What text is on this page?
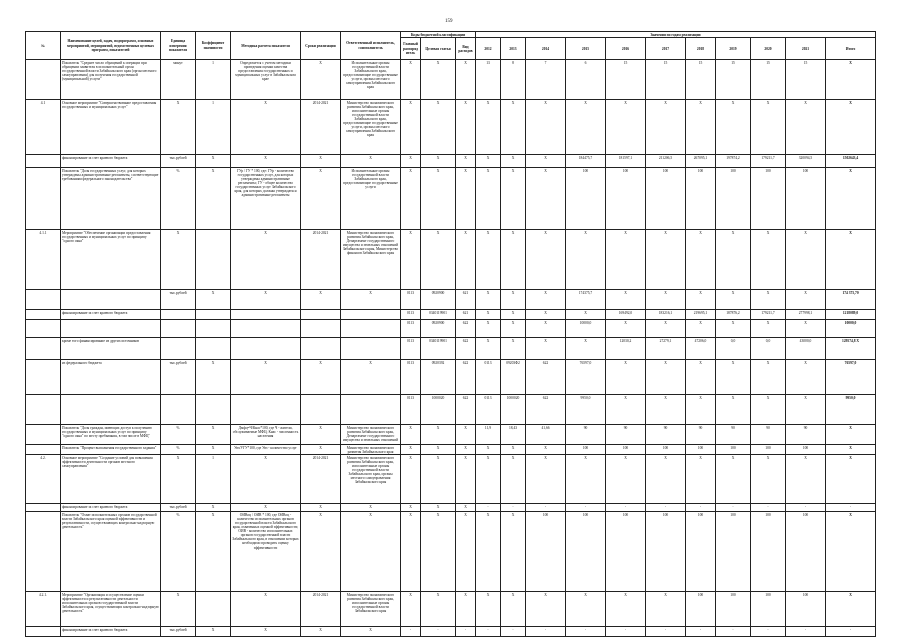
159
№	Наименование целей, задач, подпрограмм, основных мероприятий, мероприятий, ведомственных целевых программ, показателей	Единица измерения показателя	Коэффициент значимости	Методика расчета показателя	Сроки реализации	Ответственный исполнитель, соисполнитель	Коды бюджетной классификации			Значения по годам реализации										
							Главный распорядитель	Целевая статья	Вид расходов	2012	2013	2014	2015	2016	2017	2018	2019	2020	2021	Итого
	Показатель "Среднее число обращений к операции при обращении заявителя в исполнительный орган государственной власти Забайкальского края (орган местного самоуправления) для получения государственной (муниципальной) услуги"	минут	1	Определяется с учетом методики проведения оценки качества предоставления государственных и муниципальных услуг в Забайкальском крае	X	Исполнительные органы государственной власти Забайкальского края, предоставляющие государственные услуги, органы местного самоуправления Забайкальского края	X	X	X	13	8	7	6	15	15	15	15	15	15	X
4.1	Основное мероприятие "Совершенствование предоставления государственных и муниципальных услуг"	X	1	X	2014-2021	Министерство экономического развития Забайкальского края, исполнительные органы государственной власти Забайкальского края, предоставляющие государственные услуги, органы местного самоуправления Забайкальского края	X	X	X	X	X	X	X	X	X	X	X	X	X	X
	финансирование за счет краевого бюджета	тыс.рублей	X	X	X	X	X	X	X	X	X	X	184475,7	181597,1	211206,5	267095,1	197874,2	179211,7	320094,5	1502643,4
	Показатель "Доля государственных услуг, для которых утверждены административные регламенты, соответствующие требованиям федерального законодательства"	%	X	ГУр / ГУ * 100, где: ГУр - количество государственных услуг, для которых утверждены административные регламенты; ГУ - общее количество государственных услуг Забайкальского края, для которых должны утверждаться административные регламенты	X	Исполнительные органы государственной власти Забайкальского края, предоставляющие государственные услуги	X	X	X	X	X	X	100	100	100	100	100	100	100	X
4.1.1	Мероприятие "Обеспечение организации предоставления государственных и муниципальных услуг по принципу "одного окна"	X		X	2014-2021	Министерство экономического развития Забайкальского края, Департамент государственного имущества и земельных отношений Забайкальского края, Министерство финансов Забайкальского края	X	X	X	X	X	X	X	X	X	X	X	X	X	X
		тыс.рублей	X	X	X	X	0113	0920900	621	X	X	X	174375,7	X	X	X	X	X	X	174 375,70
	финансирование за счет краевого бюджета						0113	0340119901	621	X	X	X	X	169492,0	183216,1	219695,1	187876,2	179211,7	277998,1	1218089,0
							0113	0920900	622	X	X	X	10000,0	X	X	X	X	X	X	10000,0
	кроме того финансирование из других источников						0113	0340119901	622	X	X	X	X	12030,2	27279,1	47206,0	0,0	0,0	43000,0	129574,8 X
	из федерального бюджета	тыс.рублей	X	X	X	X	0113	0920392	622	0113	09203Ф2	622	76597,0	X	X	X	X	X	X	76597,0
							0113	1000020	622	0113	1000020	622	9950,0	X	X	X	X	X	X	9950,0
	Показатель "Доля граждан, имеющих доступ к получению государственных и муниципальных услуг по принципу "одного окна" по месту пребывания, в том числе в МФЦ"	%	X	Дмфц=Ч/Кнас*100, где Ч - жители, обслуживаемые МФЦ; Кнас - численность населения	X	Министерство экономического развития Забайкальского края, Департамент государственного имущества и земельных отношений	X	X	X	11,9	18,43	41,66	90	90	90	90	90	90	90	X
	Показатель "Процент выполнения государственного задания"	%	X	Увз/УГУ*100, где Увз - количество услуг	X	Министерство экономического развития Забайкальского края	X	X	X	X	X	X	100	100	100	100	100	100	100	X
4.2.	Основное мероприятие "Создание условий для повышения эффективности деятельности органов местного самоуправления"	X	1	X	2014-2021	Министерство экономического развития Забайкальского края, исполнительные органы государственной власти Забайкальского края, органы местного самоуправления Забайкальского края	X	X	X	X	X	X	X	X	X	X	X	X	X	X
	финансирование за счет краевого бюджета	тыс.рублей	X	X	X	X	X	X	X	-	-	-	-	-	-	-	-	-	-	-
	Показатель "Охват исполнительных органов государственной власти Забайкальского края оценкой эффективности и результативности, осуществляющих контрольно-надзорную деятельность"	%	X	ОИВоц / ОИВ * 100, где ОИВоц - количество исполнительных органов государственной власти Забайкальского края, охваченных оценкой эффективности; ОИВ - количество исполнительных органов государственной власти Забайкальского края, в отношении которых необходимо проводить оценку эффективности	X	X	X	X	X	X	X	100	100	100	100	100	100	100	100	X
4.2.1.	Мероприятие "Организация и осуществление оценки эффективности и результативности деятельности исполнительных органов государственной власти Забайкальского края, осуществляющих контрольно-надзорную деятельность"	X		X	2014-2021	Министерство экономического развития Забайкальского края, исполнительные органы государственной власти Забайкальского края	X	X	X	X	X	X	X	X	X	100	100	100	100	X
	финансирование за счет краевого бюджета	тыс.рублей	X	X	X	X	-	-	-	-	-	-	-	-	-	-	-	-	-	-
